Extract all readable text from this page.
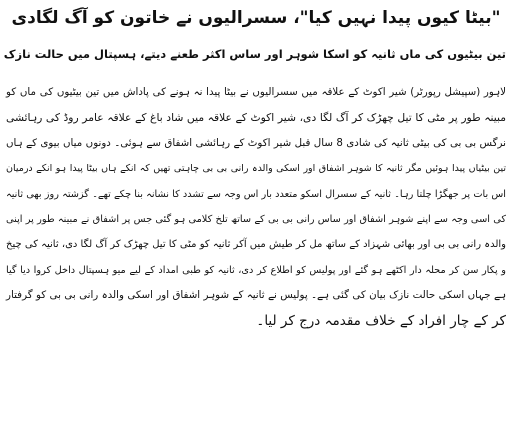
"بیٹا کیوں پیدا نہیں کیا"، سسرالیوں نے خاتون کو آگ لگادی
تین بیٹیوں کی ماں ثانیہ کو اسکا شوہر اور ساس اکثر طعنے دیتے، ہسپتال میں حالت نازک
لاہور (سپیشل رپورٹر) شیر اکوٹ کے علاقہ میں سسرالیوں نے بیٹا پیدا نہ ہونے کی پاداش میں تین بیٹیوں کی ماں کو
مبینہ طور پر مٹی کا تیل چھڑک کر آگ لگا دی، شیر اکوٹ کے علاقہ میں شاد باغ کے علاقہ عامر روڈ کی رہائشی
نرگس بی بی کی بیٹی ثانیہ کی شادی 8 سال قبل شیر اکوٹ کے رہائشی اشفاق سے ہوئی۔ دونوں میاں بیوی کے ہاں
تین بیٹیاں پیدا ہوئیں مگر ثانیہ کا شوہر اشفاق اور اسکی والدہ رانی بی بی چاہتی تھیں کہ انکے ہاں بیٹا پیدا ہو انکے درمیان
اس بات پر جھگڑا چلتا رہا۔ ثانیہ کے سسرال اسکو متعدد بار اس وجہ سے تشدد کا نشانہ بنا چکے تھے۔ گزشتہ روز بھی ثانیہ
کی اسی وجہ سے اپنے شوہر اشفاق اور ساس رانی بی بی کے ساتھ تلخ کلامی ہو گئی جس پر اشفاق نے مبینہ طور پر اپنی
والدہ رانی بی بی اور بھائی شہزاد کے ساتھ مل کر طیش میں آکر ثانیہ کو مٹی کا تیل چھڑک کر آگ لگا دی، ثانیہ کی چیخ
و پکار سن کر محلہ دار اکٹھے ہو گئے اور پولیس کو اطلاع کر دی، ثانیہ کو طبی امداد کے لیے میو ہسپتال داخل کروا دیا گیا
ہے جہاں اسکی حالت نازک بیان کی گئی ہے۔ پولیس نے ثانیہ کے شوہر اشفاق اور اسکی والدہ رانی بی بی کو گرفتار
کر کے چار افراد کے خلاف مقدمہ درج کر لیا۔
